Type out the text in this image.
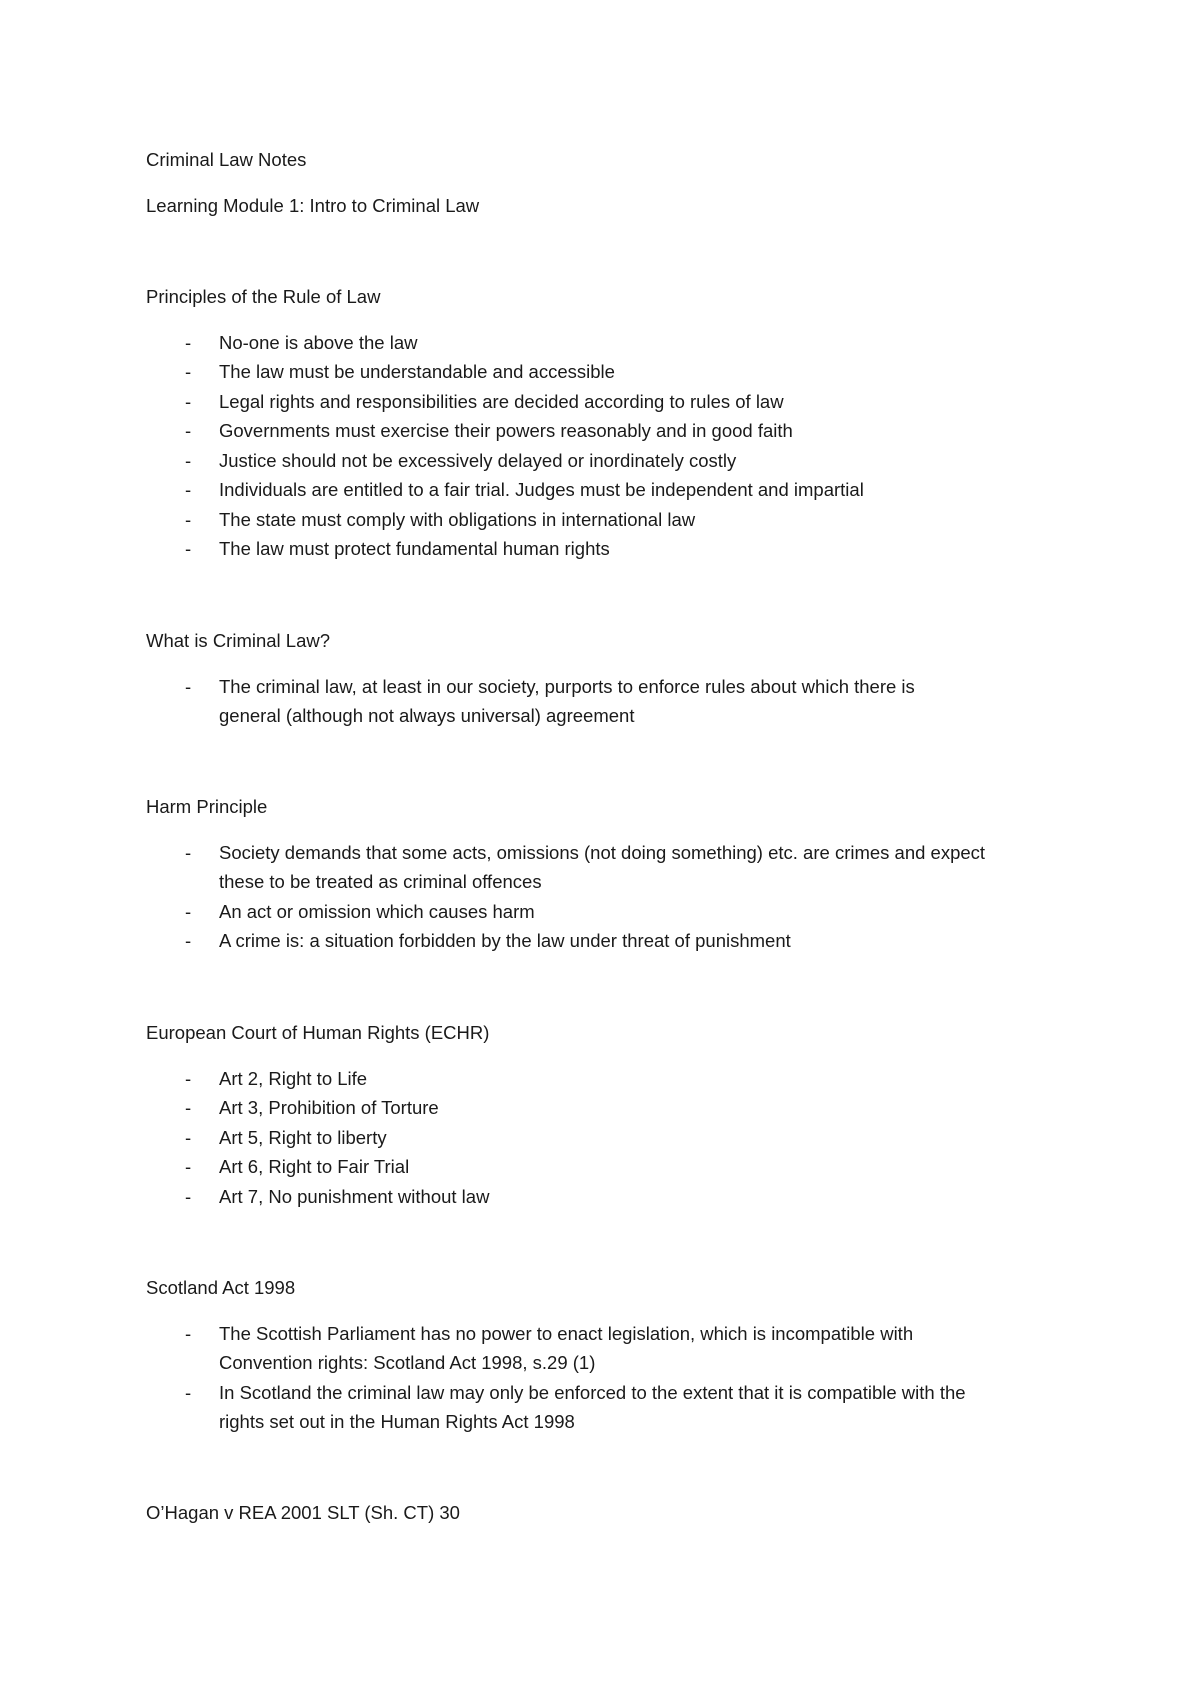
Criminal Law Notes
Learning Module 1: Intro to Criminal Law
Principles of the Rule of Law
- No-one is above the law
- The law must be understandable and accessible
- Legal rights and responsibilities are decided according to rules of law
- Governments must exercise their powers reasonably and in good faith
- Justice should not be excessively delayed or inordinately costly
- Individuals are entitled to a fair trial. Judges must be independent and impartial
- The state must comply with obligations in international law
- The law must protect fundamental human rights
What is Criminal Law?
- The criminal law, at least in our society, purports to enforce rules about which there is
general (although not always universal) agreement
Harm Principle
- Society demands that some acts, omissions (not doing something) etc. are crimes and expect
these to be treated as criminal offences
- An act or omission which causes harm
- A crime is: a situation forbidden by the law under threat of punishment
European Court of Human Rights (ECHR)
- Art 2, Right to Life
- Art 3, Prohibition of Torture
- Art 5, Right to liberty
- Art 6, Right to Fair Trial
- Art 7, No punishment without law
Scotland Act 1998
- The Scottish Parliament has no power to enact legislation, which is incompatible with
Convention rights: Scotland Act 1998, s.29 (1)
- In Scotland the criminal law may only be enforced to the extent that it is compatible with the
rights set out in the Human Rights Act 1998
O’Hagan v REA 2001 SLT (Sh. CT) 30
